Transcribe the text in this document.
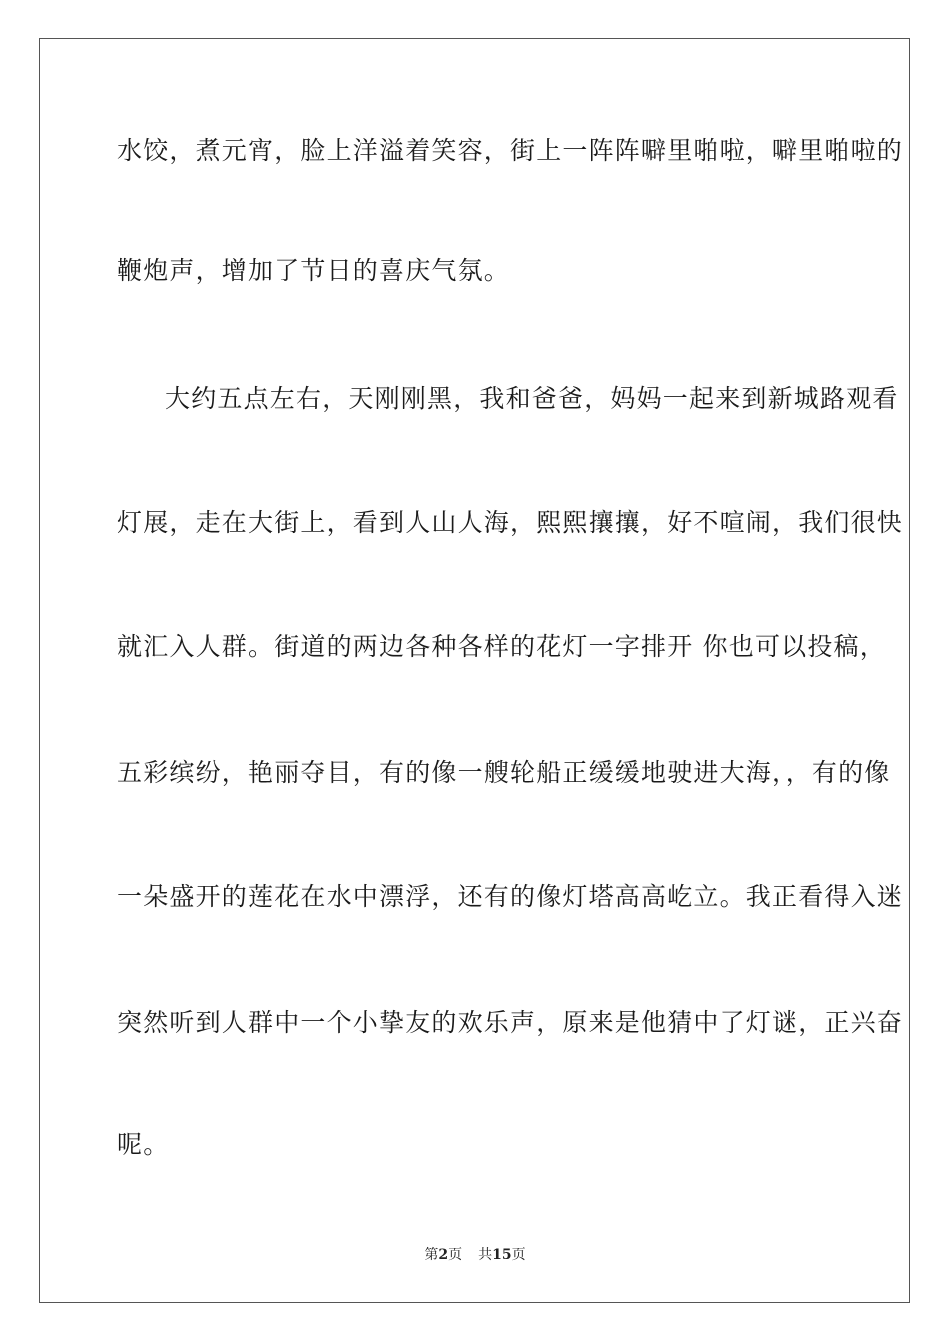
水饺，煮元宵，脸上洋溢着笑容，街上一阵阵噼里啪啦，噼里啪啦的
鞭炮声，增加了节日的喜庆气氛。
大约五点左右，天刚刚黑，我和爸爸，妈妈一起来到新城路观看
灯展，走在大街上，看到人山人海，熙熙攘攘，好不喧闹，我们很快
就汇入人群。街道的两边各种各样的花灯一字排开 你也可以投稿，
五彩缤纷，艳丽夺目，有的像一艘轮船正缓缓地驶进大海，，有的像
一朵盛开的莲花在水中漂浮，还有的像灯塔高高屹立。我正看得入迷
突然听到人群中一个小挚友的欢乐声，原来是他猜中了灯谜，正兴奋
呢。
第2页 共15页
